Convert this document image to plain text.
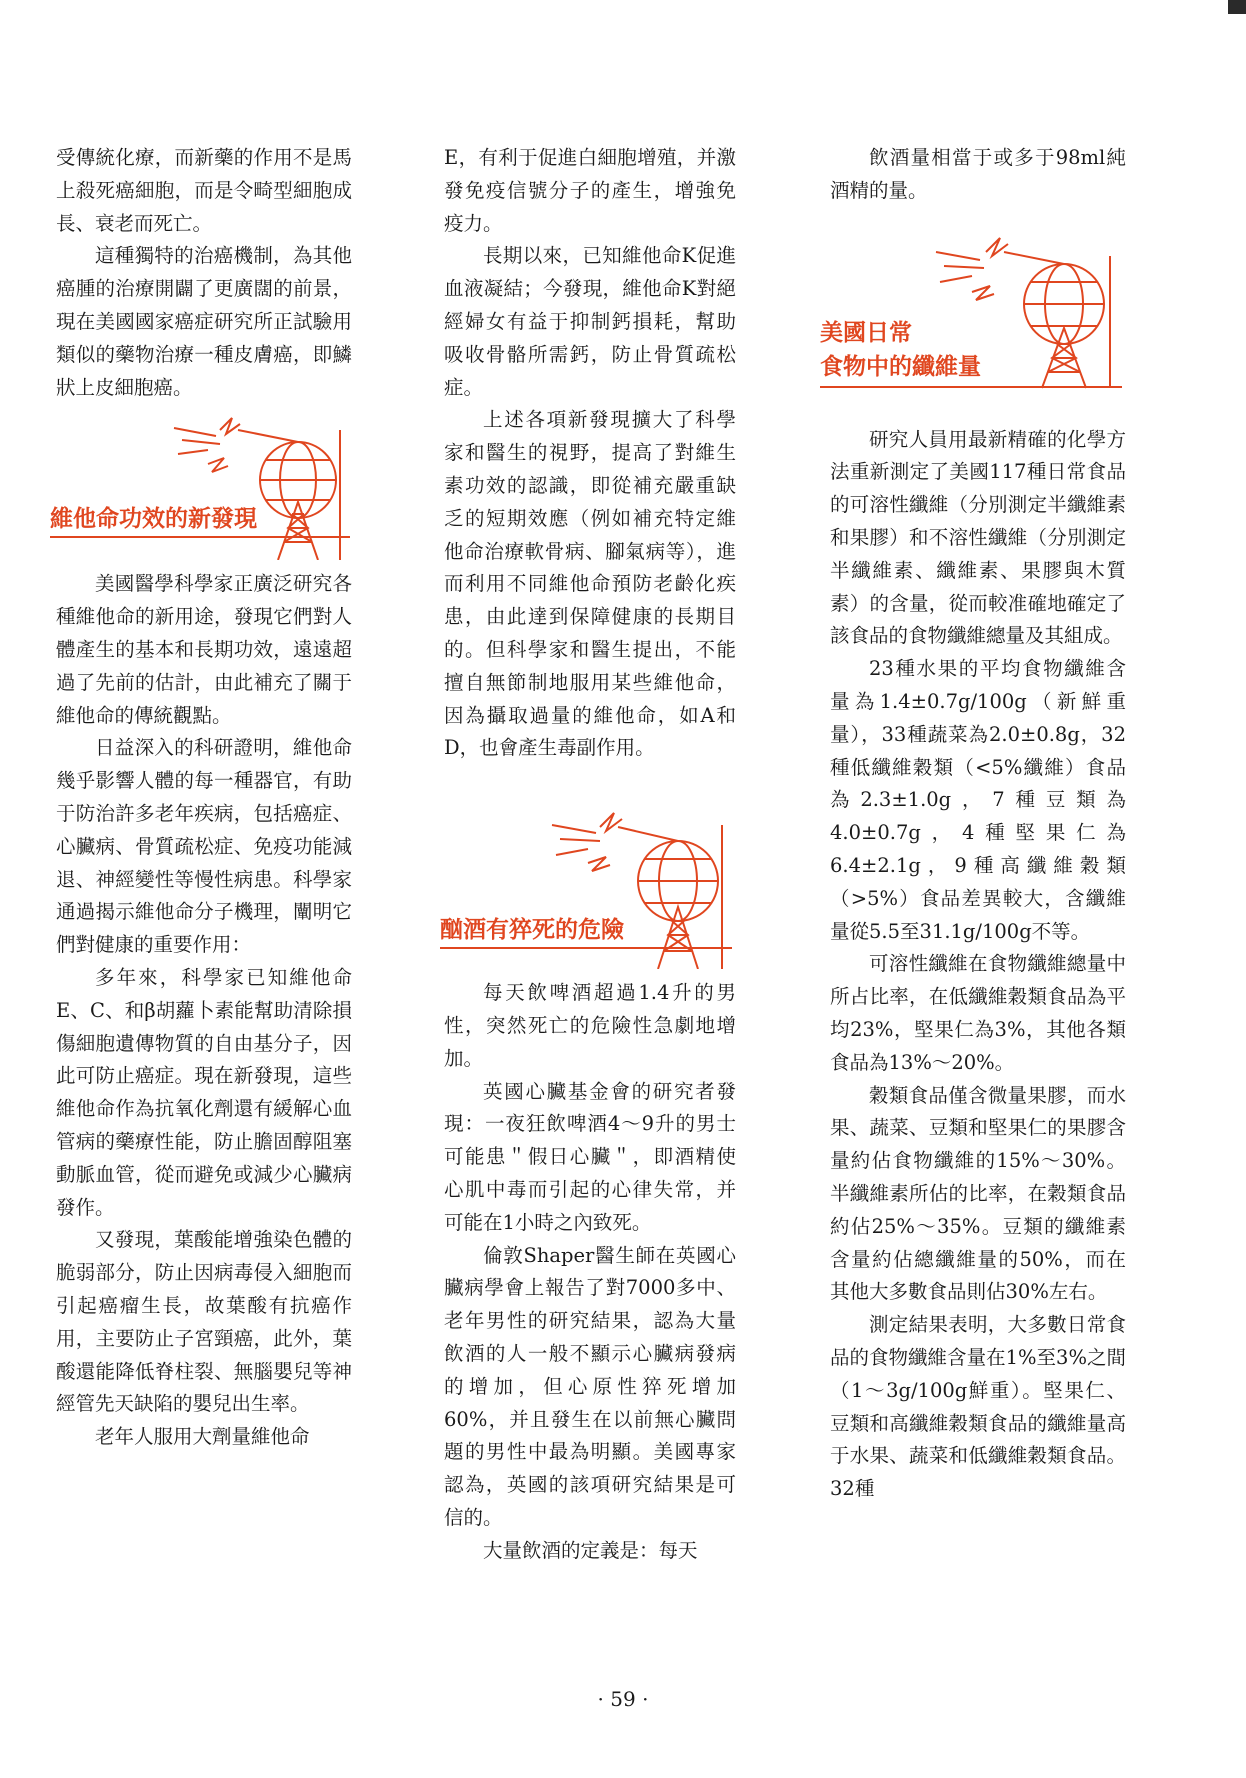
受傳統化療，而新藥的作用不是馬上殺死癌細胞，而是令畸型細胞成長、衰老而死亡。

這種獨特的治癌機制，為其他癌腫的治療開闢了更廣闊的前景，現在美國國家癌症研究所正試驗用類似的藥物治療一種皮膚癌，即鱗狀上皮細胞癌。

維他命功效的新發現

美國醫學科學家正廣泛研究各種維他命的新用途，發現它們對人體產生的基本和長期功效，遠遠超過了先前的估計，由此補充了關于維他命的傳統觀點。

日益深入的科研證明，維他命幾乎影響人體的每一種器官，有助于防治許多老年疾病，包括癌症、心臟病、骨質疏松症、免疫功能減退、神經變性等慢性病患。科學家通過揭示維他命分子機理，闡明它們對健康的重要作用：

多年來，科學家已知維他命E、C、和β胡蘿卜素能幫助清除損傷細胞遺傳物質的自由基分子，因此可防止癌症。現在新發現，這些維他命作為抗氧化劑還有緩解心血管病的藥療性能，防止膽固醇阻塞動脈血管，從而避免或減少心臟病發作。

又發現，葉酸能增強染色體的脆弱部分，防止因病毒侵入細胞而引起癌瘤生長，故葉酸有抗癌作用，主要防止子宮頸癌，此外，葉酸還能降低脊柱裂、無腦嬰兒等神經管先天缺陷的嬰兒出生率。

老年人服用大劑量維他命

E，有利于促進白細胞增殖，并激發免疫信號分子的產生，增強免疫力。

長期以來，已知維他命K促進血液凝結；今發現，維他命K對絕經婦女有益于抑制鈣損耗，幫助吸收骨骼所需鈣，防止骨質疏松症。

上述各項新發現擴大了科學家和醫生的視野，提高了對維生素功效的認識，即從補充嚴重缺乏的短期效應（例如補充特定維他命治療軟骨病、腳氣病等），進而利用不同維他命預防老齡化疾患，由此達到保障健康的長期目的。但科學家和醫生提出，不能擅自無節制地服用某些維他命，因為攝取過量的維他命，如A和D，也會產生毒副作用。

酗酒有猝死的危險

每天飲啤酒超過1.4升的男性，突然死亡的危險性急劇地增加。

英國心臟基金會的研究者發現：一夜狂飲啤酒4～9升的男士可能患＂假日心臟＂，即酒精使心肌中毒而引起的心律失常，并可能在1小時之內致死。

倫敦Shaper醫生師在英國心臟病學會上報告了對7000多中、老年男性的研究結果，認為大量飲酒的人一般不顯示心臟病發病的增加，但心原性猝死增加60%，并且發生在以前無心臟問題的男性中最為明顯。美國專家認為，英國的該項研究結果是可信的。

大量飲酒的定義是：每天

飲酒量相當于或多于98ml純酒精的量。

美國日常
食物中的纖維量

研究人員用最新精確的化學方法重新測定了美國117種日常食品的可溶性纖維（分別測定半纖維素和果膠）和不溶性纖維（分別測定半纖維素、纖維素、果膠與木質素）的含量，從而較准確地確定了該食品的食物纖維總量及其組成。

23種水果的平均食物纖維含量為1.4±0.7g/100g（新鮮重量），33種蔬菜為2.0±0.8g，32種低纖維穀類（<5%纖維）食品為2.3±1.0g，7種豆類為4.0±0.7g，4種堅果仁為6.4±2.1g，9種高纖維穀類（>5%）食品差異較大，含纖維量從5.5至31.1g/100g不等。

可溶性纖維在食物纖維總量中所占比率，在低纖維穀類食品為平均23%，堅果仁為3%，其他各類食品為13%～20%。

穀類食品僅含微量果膠，而水果、蔬菜、豆類和堅果仁的果膠含量約佔食物纖維的15%～30%。半纖維素所佔的比率，在穀類食品約佔25%～35%。豆類的纖維素含量約佔總纖維量的50%，而在其他大多數食品則佔30%左右。

測定結果表明，大多數日常食品的食物纖維含量在1%至3%之間（1～3g/100g鮮重）。堅果仁、豆類和高纖維穀類食品的纖維量高于水果、蔬菜和低纖維穀類食品。32種

· 59 ·
